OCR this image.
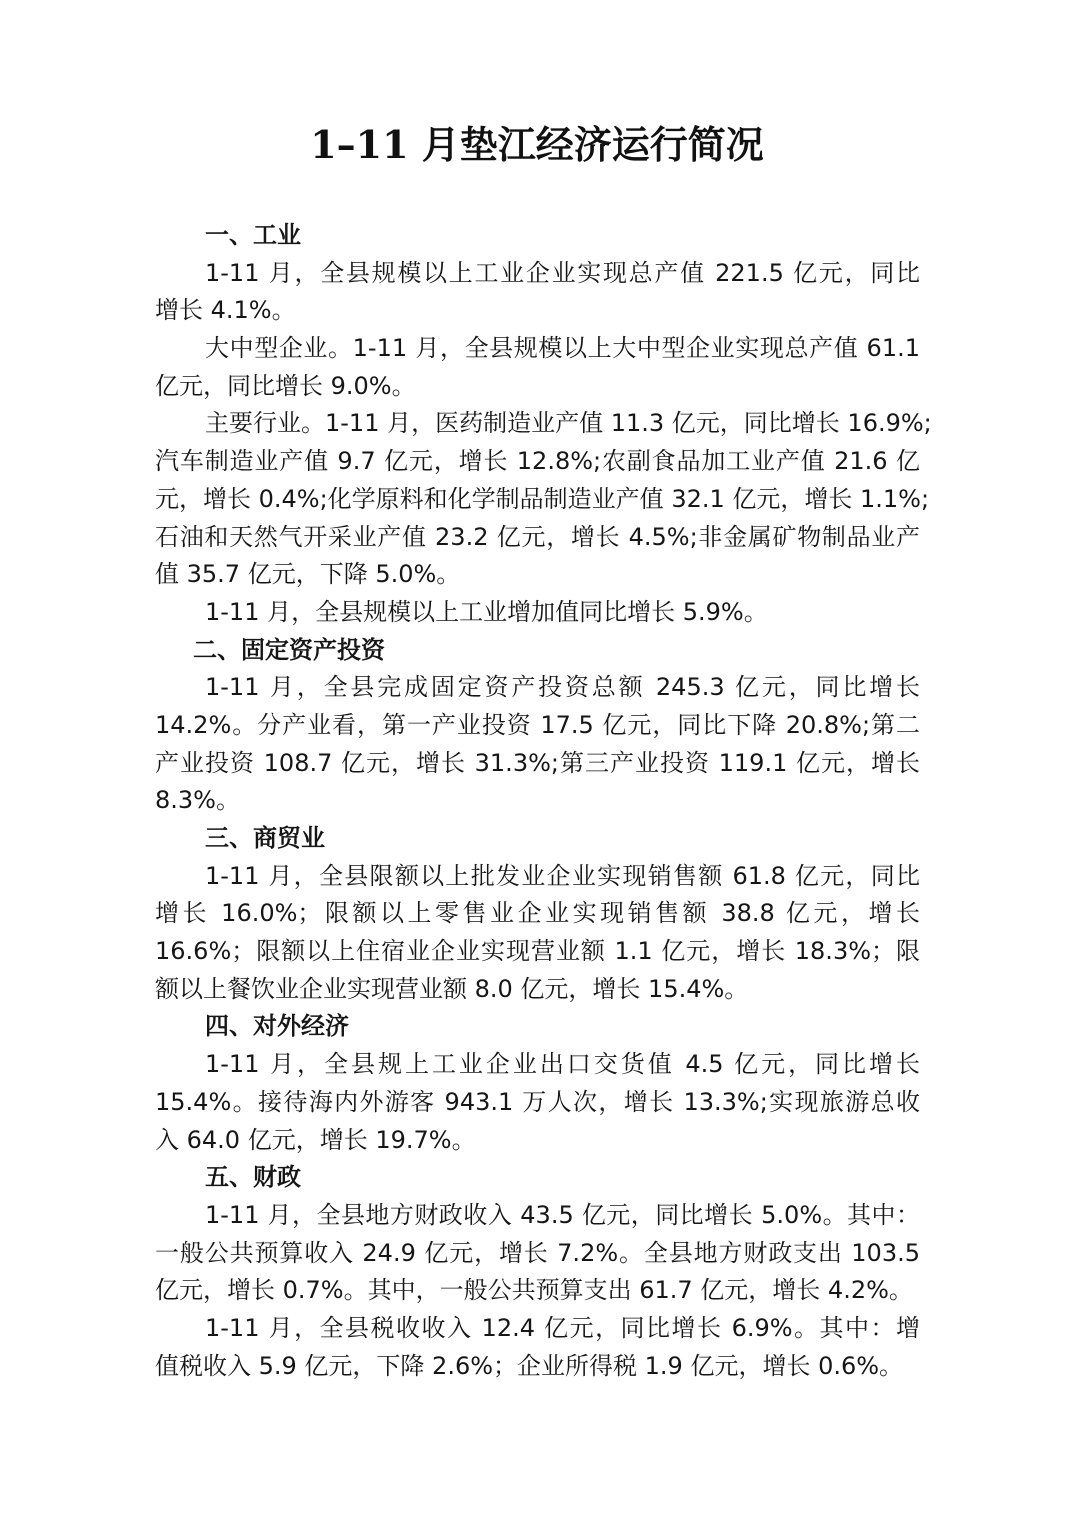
1–11 月垫江经济运行简况
一、工业
1-11 月，全县规模以上工业企业实现总产值 221.5 亿元，同比
增长 4.1%。
大中型企业。1-11 月，全县规模以上大中型企业实现总产值 61.1
亿元，同比增长 9.0%。
主要行业。1-11 月，医药制造业产值 11.3 亿元，同比增长 16.9%;
汽车制造业产值 9.7 亿元，增长 12.8%;农副食品加工业产值 21.6 亿
元，增长 0.4%;化学原料和化学制品制造业产值 32.1 亿元，增长 1.1%;
石油和天然气开采业产值 23.2 亿元，增长 4.5%;非金属矿物制品业产
值 35.7 亿元，下降 5.0%。
1-11 月，全县规模以上工业增加值同比增长 5.9%。
二、固定资产投资
1-11 月，全县完成固定资产投资总额 245.3 亿元，同比增长
14.2%。分产业看，第一产业投资 17.5 亿元，同比下降 20.8%;第二
产业投资 108.7 亿元，增长 31.3%;第三产业投资 119.1 亿元，增长
8.3%。
三、商贸业
1-11 月，全县限额以上批发业企业实现销售额 61.8 亿元，同比
增长 16.0%；限额以上零售业企业实现销售额 38.8 亿元，增长
16.6%；限额以上住宿业企业实现营业额 1.1 亿元，增长 18.3%；限
额以上餐饮业企业实现营业额 8.0 亿元，增长 15.4%。
四、对外经济
1-11 月，全县规上工业企业出口交货值 4.5 亿元，同比增长
15.4%。接待海内外游客 943.1 万人次，增长 13.3%;实现旅游总收
入 64.0 亿元，增长 19.7%。
五、财政
1-11 月，全县地方财政收入 43.5 亿元，同比增长 5.0%。其中：
一般公共预算收入 24.9 亿元，增长 7.2%。全县地方财政支出 103.5
亿元，增长 0.7%。其中，一般公共预算支出 61.7 亿元，增长 4.2%。
1-11 月，全县税收收入 12.4 亿元，同比增长 6.9%。其中：增
值税收入 5.9 亿元，下降 2.6%；企业所得税 1.9 亿元，增长 0.6%。
